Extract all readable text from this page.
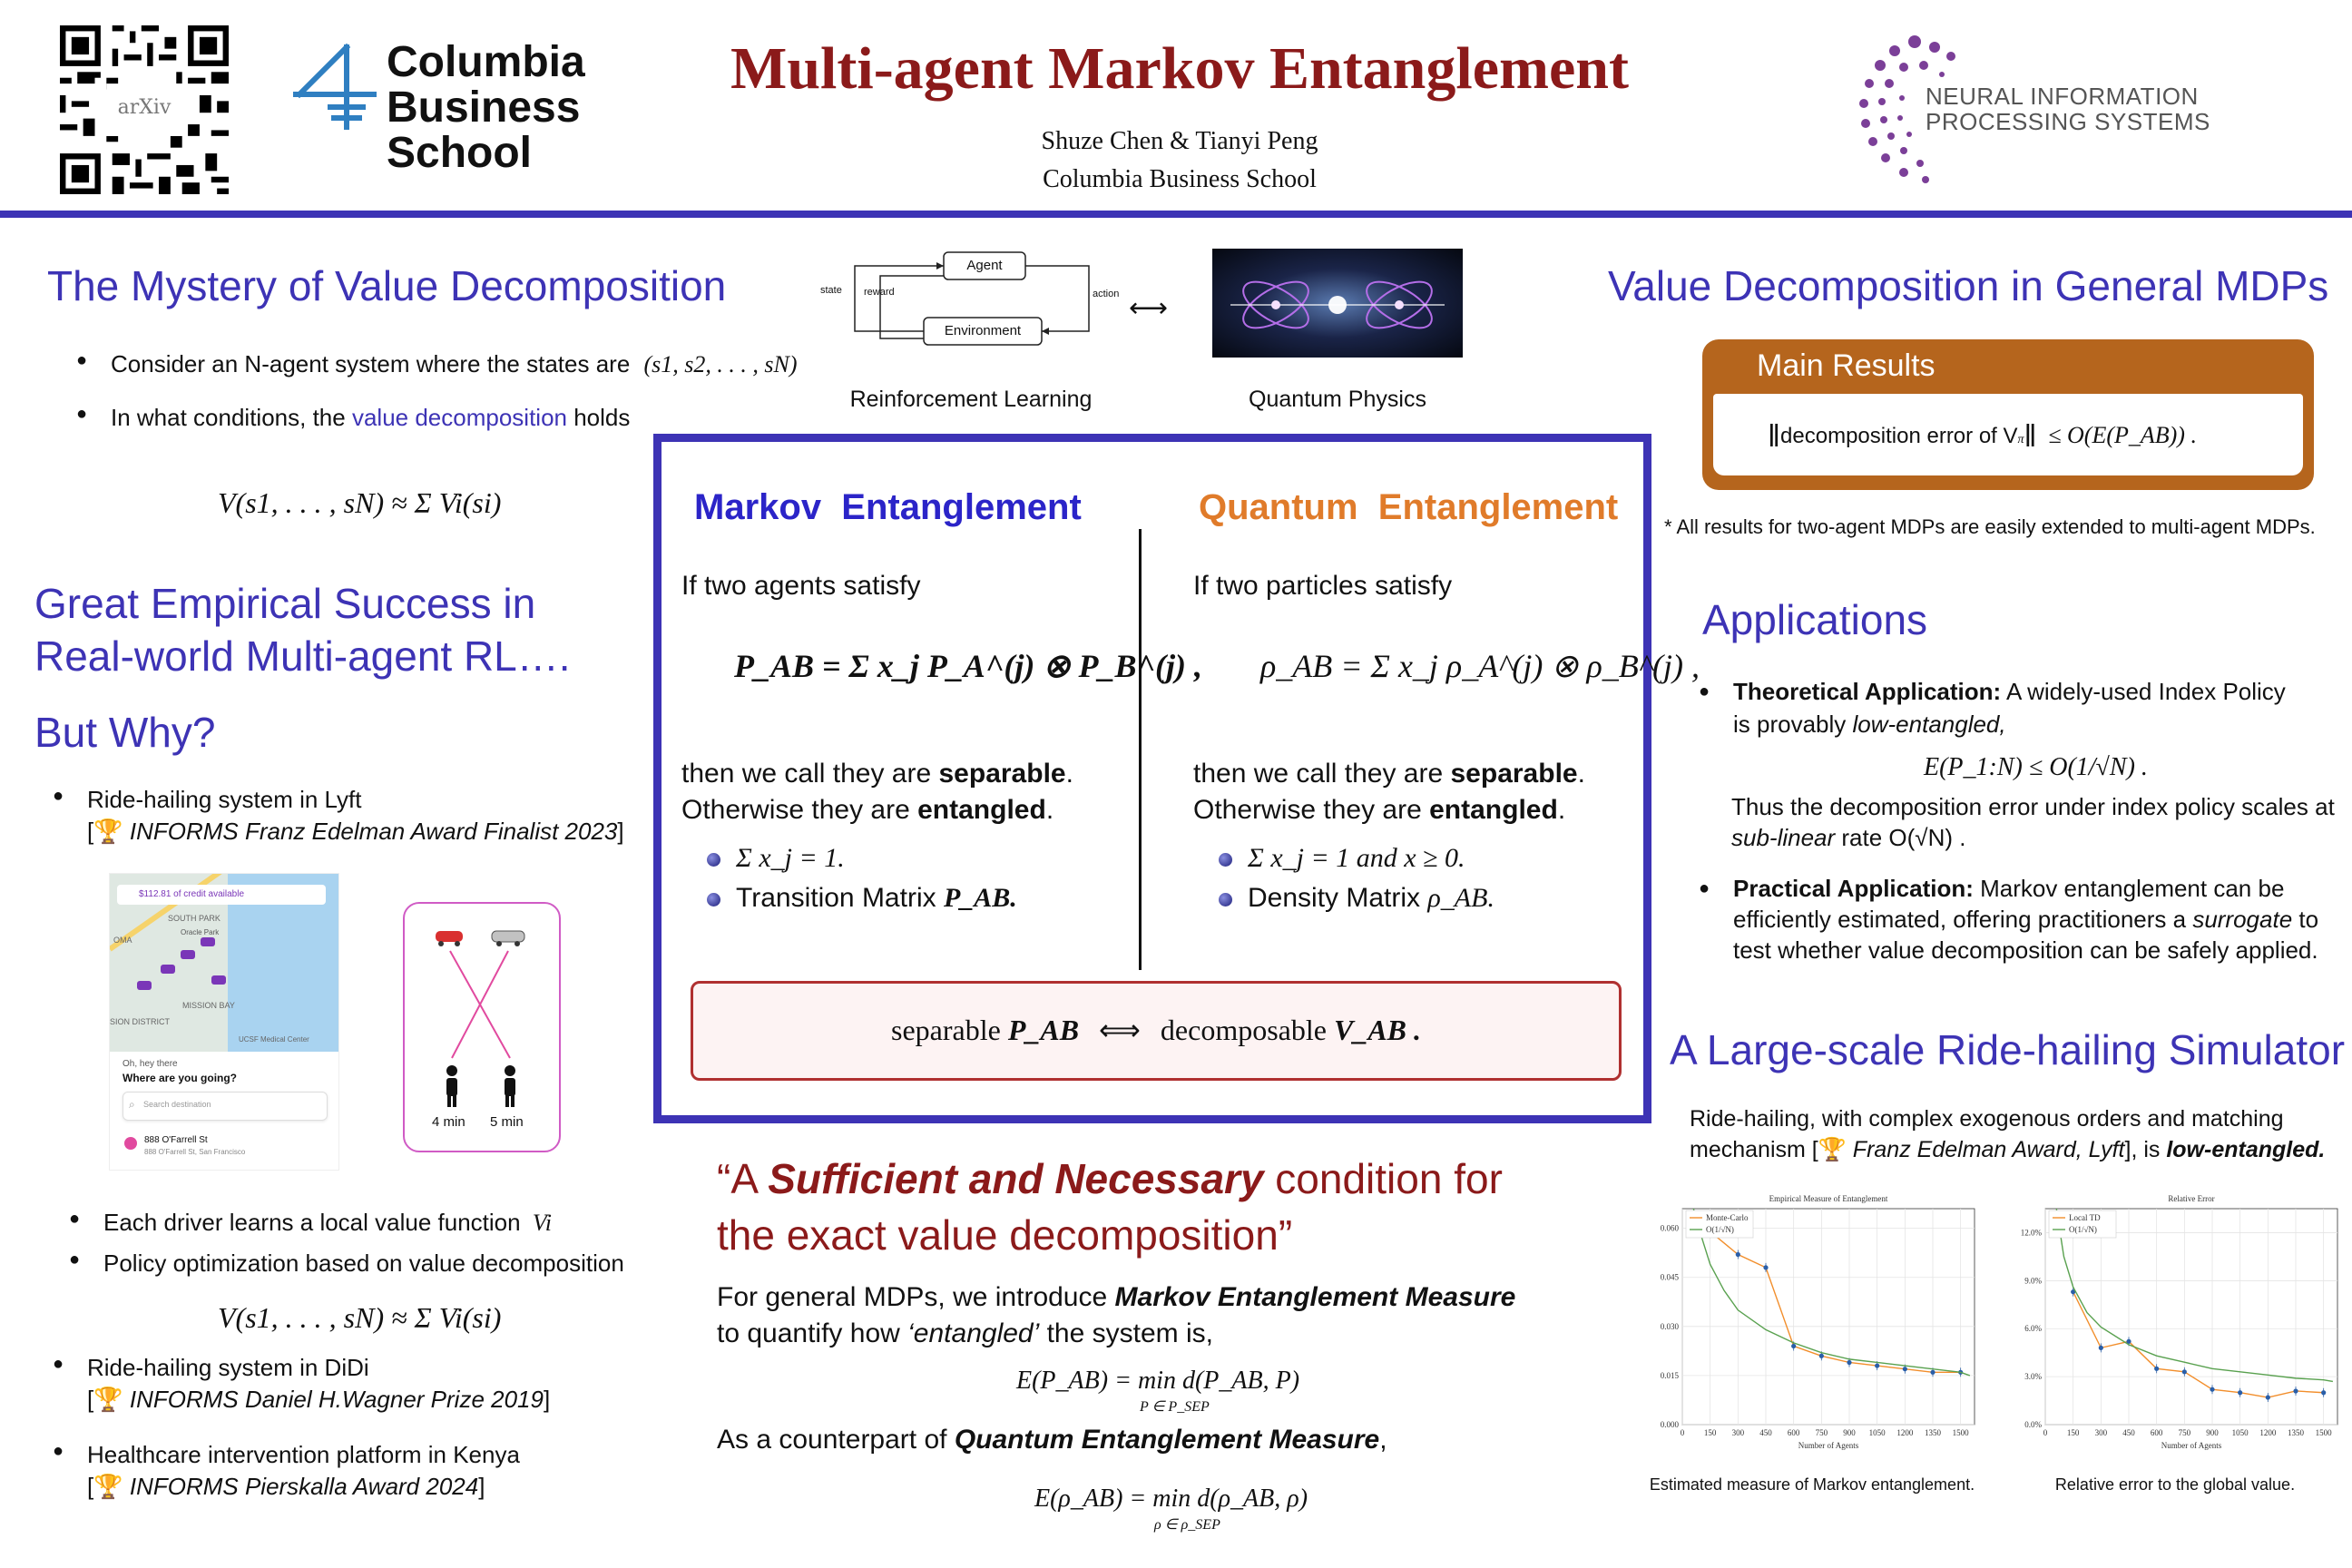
arXiv
Columbia
Business
School
Multi-agent Markov Entanglement
Shuze Chen & Tianyi Peng
Columbia Business School
NEURAL INFORMATION
PROCESSING SYSTEMS
The Mystery of Value Decomposition
● Consider an N-agent system where the states are (s1, s2, . . . , sN)
● In what conditions, the value decomposition holds
V(s1, . . . , sN) ≈ Σ Vi(si)
Great Empirical Success in
Real-world Multi-agent RL….
But Why?
● Ride-hailing system in Lyft
[🏆 INFORMS Franz Edelman Award Finalist 2023]
$112.81 of credit available
SOUTH PARK
OMA
Oracle Park
MISSION BAY
SION DISTRICT
UCSF Medical Center
Oh, hey there
Where are you going?
⌕ Search destination
888 O'Farrell St
888 O'Farrell St, San Francisco
4 min 5 min
● Each driver learns a local value function Vi
● Policy optimization based on value decomposition
V(s1, . . . , sN) ≈ Σ Vi(si)
● Ride-hailing system in DiDi
[🏆 INFORMS Daniel H.Wagner Prize 2019]
● Healthcare intervention platform in Kenya
[🏆 INFORMS Pierskalla Award 2024]
Agent
Environment
state reward	action
Reinforcement Learning
⟷
Quantum Physics
Markov  Entanglement	Quantum  Entanglement
If two agents satisfy
P_AB = Σ x_j P_A^(j) ⊗ P_B^(j) ,
then we call they are separable.
Otherwise they are entangled.
Σ x_j = 1.
Transition Matrix P_AB.
If two particles satisfy
ρ_AB = Σ x_j ρ_A^(j) ⊗ ρ_B^(j) ,
then we call they are separable.
Otherwise they are entangled.
Σ x_j = 1 and x ≥ 0.
Density Matrix ρ_AB.
separable P_AB ⟺ decomposable V_AB .
“A Sufficient and Necessary condition for
the exact value decomposition”
For general MDPs, we introduce Markov Entanglement Measure
to quantify how ‘entangled’ the system is,
E(P_AB) = min d(P_AB, P)
P ∈ P_SEP
As a counterpart of Quantum Entanglement Measure,
E(ρ_AB) = min d(ρ_AB, ρ)
ρ ∈ ρ_SEP
Value Decomposition in General MDPs
Main Results
‖decomposition error of Vπ‖ ≤ O(E(P_AB)) .
* All results for two-agent MDPs are easily extended to multi-agent MDPs.
Applications
● Theoretical Application: A widely-used Index Policy
is provably low-entangled,
E(P_1:N) ≤ O(1/√N) .
Thus the decomposition error under index policy scales at
sub-linear rate O(√N) .
● Practical Application: Markov entanglement can be
efficiently estimated, offering practitioners a surrogate to
test whether value decomposition can be safely applied.
A Large-scale Ride-hailing Simulator
Ride-hailing, with complex exogenous orders and matching
mechanism [🏆 Franz Edelman Award, Lyft], is low-entangled.
Empirical Measure of Entanglement
0 150 300 450 600 750 900 1050 1200 1350 1500
0.000
0.015
0.030
0.045
0.060
Number of Agents
Monte-Carlo
O(1/√N)
Relative Error
0 150 300 450 600 750 900 1050 1200 1350 1500
0.0%
3.0%
6.0%
9.0%
12.0%
Number of Agents
Local TD
O(1/√N)
Estimated measure of Markov entanglement.	Relative error to the global value.
